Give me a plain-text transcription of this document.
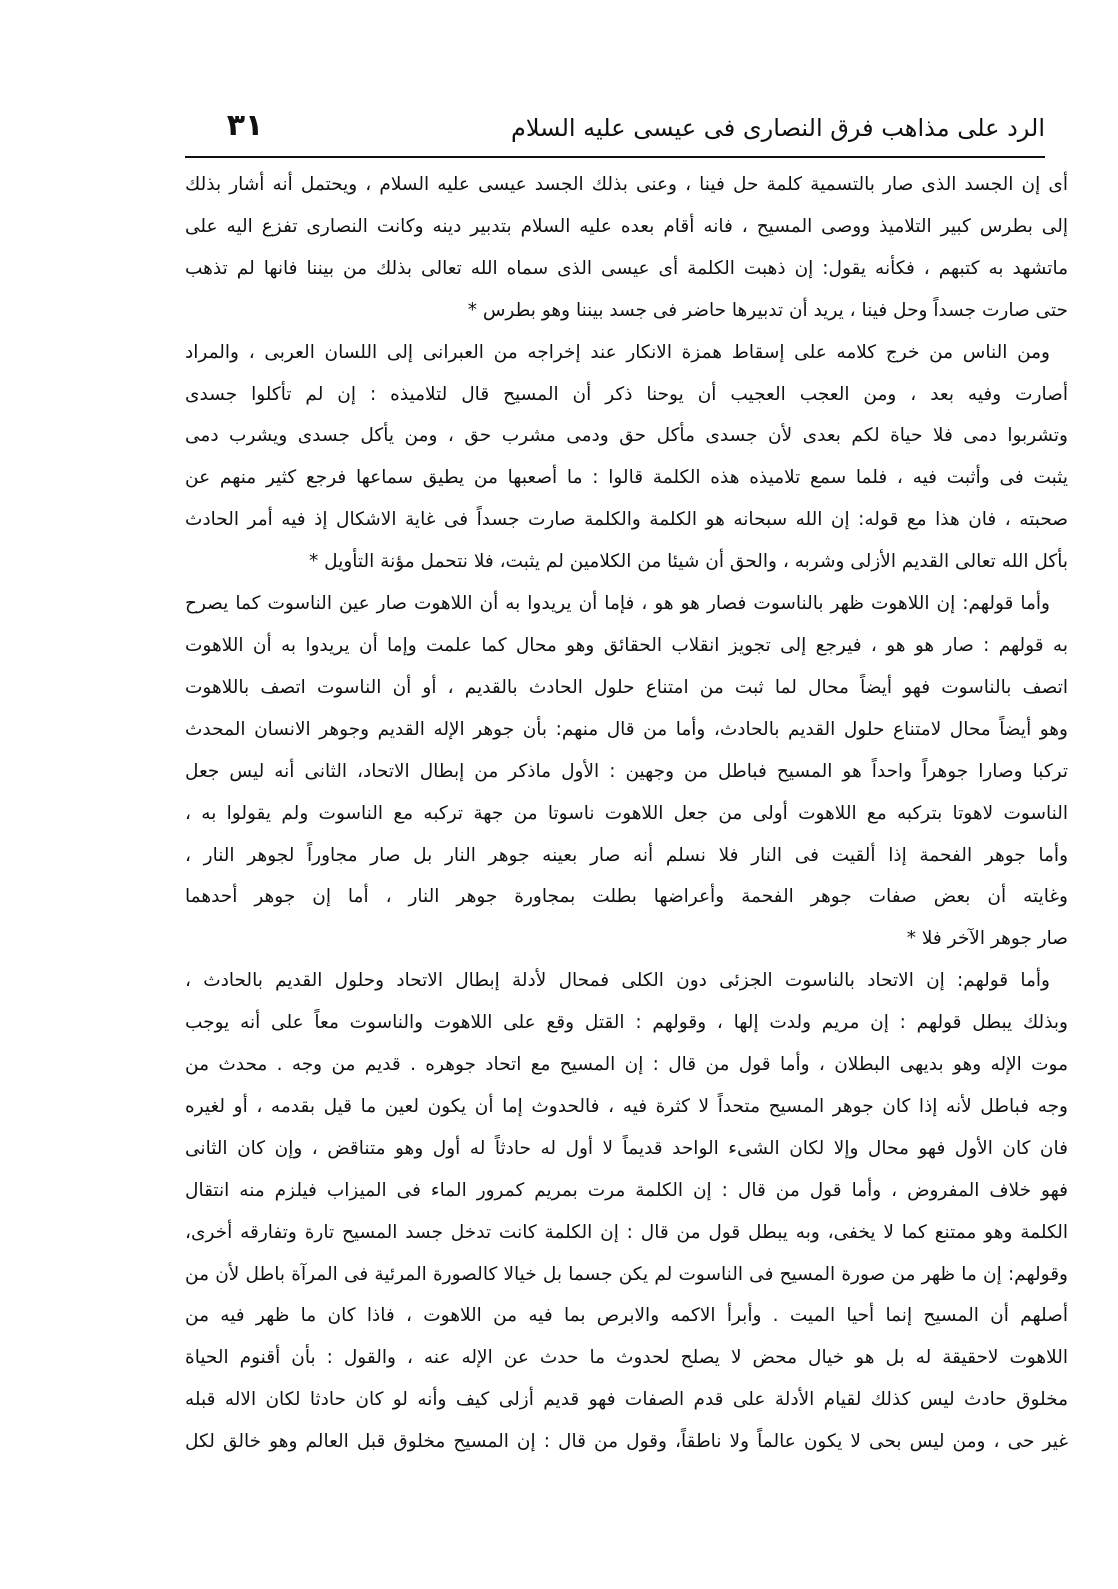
الرد على مذاهب فرق النصارى فى عيسى عليه السلام
٣١
أى إن الجسد الذى صار بالتسمية كلمة حل فينا ، وعنى بذلك الجسد عيسى عليه السلام ، ويحتمل أنه أشار بذلك
إلى بطرس كبير التلاميذ ووصى المسيح ، فانه أقام بعده عليه السلام بتدبير دينه وكانت النصارى تفزع اليه على
ماتشهد به كتبهم ، فكأنه يقول: إن ذهبت الكلمة أى عيسى الذى سماه الله تعالى بذلك من بيننا فانها لم تذهب
حتى صارت جسداً وحل فينا ، يريد أن تدبيرها حاضر فى جسد بيننا وهو بطرس *
ومن الناس من خرج كلامه على إسقاط همزة الانكار عند إخراجه من العبرانى إلى اللسان العربى ، والمراد
أصارت وفيه بعد ، ومن العجب العجيب أن يوحنا ذكر أن المسيح قال لتلاميذه : إن لم تأكلوا جسدى
وتشربوا دمى فلا حياة لكم بعدى لأن جسدى مأكل حق ودمى مشرب حق ، ومن يأكل جسدى ويشرب دمى
يثبت فى وأثبت فيه ، فلما سمع تلاميذه هذه الكلمة قالوا : ما أصعبها من يطيق سماعها فرجع كثير منهم عن
صحبته ، فان هذا مع قوله: إن الله سبحانه هو الكلمة والكلمة صارت جسداً فى غاية الاشكال إذ فيه أمر الحادث
بأكل الله تعالى القديم الأزلى وشربه ، والحق أن شيئا من الكلامين لم يثبت، فلا نتحمل مؤنة التأويل *
وأما قولهم: إن اللاهوت ظهر بالناسوت فصار هو هو ، فإما أن يريدوا به أن اللاهوت صار عين الناسوت كما يصرح
به قولهم : صار هو هو ، فيرجع إلى تجويز انقلاب الحقائق وهو محال كما علمت وإما أن يريدوا به أن اللاهوت
اتصف بالناسوت فهو أيضاً محال لما ثبت من امتناع حلول الحادث بالقديم ، أو أن الناسوت اتصف باللاهوت
وهو أيضاً محال لامتناع حلول القديم بالحادث، وأما من قال منهم: بأن جوهر الإله القديم وجوهر الانسان المحدث
تركبا وصارا جوهراً واحداً هو المسيح فباطل من وجهين : الأول ماذكر من إبطال الاتحاد، الثانى أنه ليس جعل
الناسوت لاهوتا بتركبه مع اللاهوت أولى من جعل اللاهوت ناسوتا من جهة تركبه مع الناسوت ولم يقولوا به ،
وأما جوهر الفحمة إذا ألقيت فى النار فلا نسلم أنه صار بعينه جوهر النار بل صار مجاوراً لجوهر النار ،
وغايته أن بعض صفات جوهر الفحمة وأعراضها بطلت بمجاورة جوهر النار ، أما إن جوهر أحدهما
صار جوهر الآخر فلا *
وأما قولهم: إن الاتحاد بالناسوت الجزئى دون الكلى فمحال لأدلة إبطال الاتحاد وحلول القديم بالحادث ،
وبذلك يبطل قولهم : إن مريم ولدت إلها ، وقولهم : القتل وقع على اللاهوت والناسوت معاً على أنه يوجب
موت الإله وهو بديهى البطلان ، وأما قول من قال : إن المسيح مع اتحاد جوهره . قديم من وجه . محدث من
وجه فباطل لأنه إذا كان جوهر المسيح متحداً لا كثرة فيه ، فالحدوث إما أن يكون لعين ما قيل بقدمه ، أو لغيره
فان كان الأول فهو محال وإلا لكان الشىء الواحد قديماً لا أول له حادثاً له أول وهو متناقض ، وإن كان الثانى
فهو خلاف المفروض ، وأما قول من قال : إن الكلمة مرت بمريم كمرور الماء فى الميزاب فيلزم منه انتقال
الكلمة وهو ممتنع كما لا يخفى، وبه يبطل قول من قال : إن الكلمة كانت تدخل جسد المسيح تارة وتفارقه أخرى،
وقولهم: إن ما ظهر من صورة المسيح فى الناسوت لم يكن جسما بل خيالا كالصورة المرئية فى المرآة باطل لأن من
أصلهم أن المسيح إنما أحيا الميت . وأبرأ الاكمه والابرص بما فيه من اللاهوت ، فاذا كان ما ظهر فيه من
اللاهوت لاحقيقة له بل هو خيال محض لا يصلح لحدوث ما حدث عن الإله عنه ، والقول : بأن أقنوم الحياة
مخلوق حادث ليس كذلك لقيام الأدلة على قدم الصفات فهو قديم أزلى كيف وأنه لو كان حادثا لكان الاله قبله
غير حى ، ومن ليس بحى لا يكون عالماً ولا ناطقاً، وقول من قال : إن المسيح مخلوق قبل العالم وهو خالق لكل
